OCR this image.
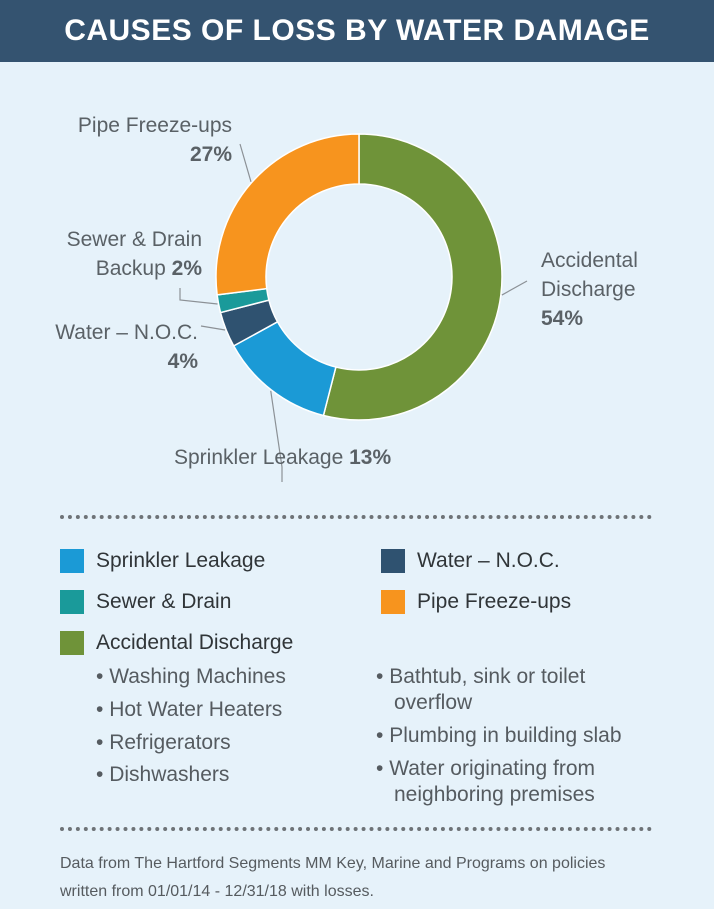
CAUSES OF LOSS BY WATER DAMAGE
Pipe Freeze-ups
27%
Sewer & Drain
Backup 2%
Water – N.O.C.
4%
Sprinkler Leakage 13%
Accidental
Discharge
54%
Sprinkler Leakage	Water – N.O.C.
Sewer & Drain	Pipe Freeze-ups
Accidental Discharge
• Washing Machines
• Hot Water Heaters
• Refrigerators
• Dishwashers
• Bathtub, sink or toilet
overflow
• Plumbing in building slab
• Water originating from
neighboring premises
Data from The Hartford Segments MM Key, Marine and Programs on policies
written from 01/01/14 - 12/31/18 with losses.
